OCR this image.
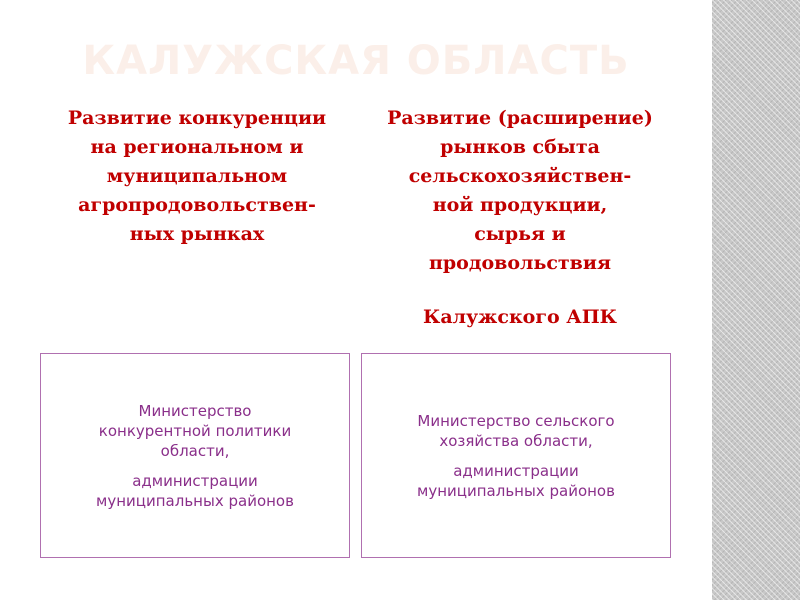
КАЛУЖСКАЯ ОБЛАСТЬ
Развитие конкуренции
на региональном и
муниципальном
агропродовольствен-
ных рынках
Развитие (расширение)
рынков сбыта
сельскохозяйствен-
ной продукции,
сырья и
продовольствия
Калужского АПК

Министерство
конкурентной политики
области,

администрации
муниципальных районов

Министерство сельского
хозяйства области,

администрации
муниципальных районов
